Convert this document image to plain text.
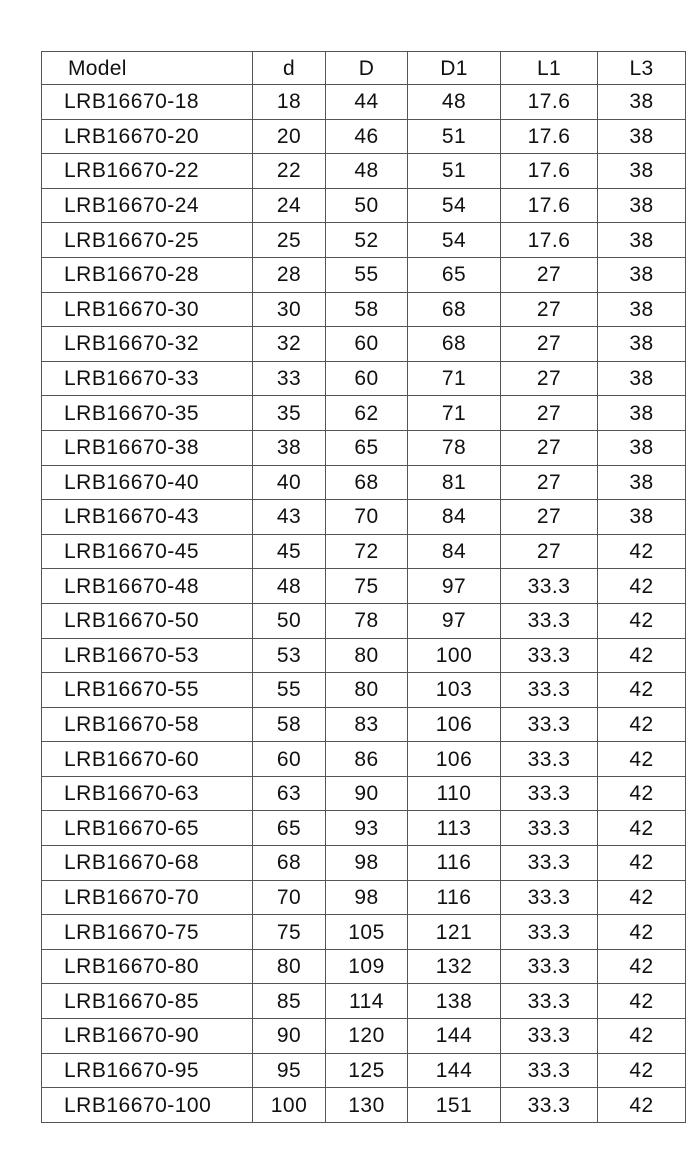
Model	d	D	D1	L1	L3
LRB16670-18	18	44	48	17.6	38
LRB16670-20	20	46	51	17.6	38
LRB16670-22	22	48	51	17.6	38
LRB16670-24	24	50	54	17.6	38
LRB16670-25	25	52	54	17.6	38
LRB16670-28	28	55	65	27	38
LRB16670-30	30	58	68	27	38
LRB16670-32	32	60	68	27	38
LRB16670-33	33	60	71	27	38
LRB16670-35	35	62	71	27	38
LRB16670-38	38	65	78	27	38
LRB16670-40	40	68	81	27	38
LRB16670-43	43	70	84	27	38
LRB16670-45	45	72	84	27	42
LRB16670-48	48	75	97	33.3	42
LRB16670-50	50	78	97	33.3	42
LRB16670-53	53	80	100	33.3	42
LRB16670-55	55	80	103	33.3	42
LRB16670-58	58	83	106	33.3	42
LRB16670-60	60	86	106	33.3	42
LRB16670-63	63	90	110	33.3	42
LRB16670-65	65	93	113	33.3	42
LRB16670-68	68	98	116	33.3	42
LRB16670-70	70	98	116	33.3	42
LRB16670-75	75	105	121	33.3	42
LRB16670-80	80	109	132	33.3	42
LRB16670-85	85	114	138	33.3	42
LRB16670-90	90	120	144	33.3	42
LRB16670-95	95	125	144	33.3	42
LRB16670-100	100	130	151	33.3	42
